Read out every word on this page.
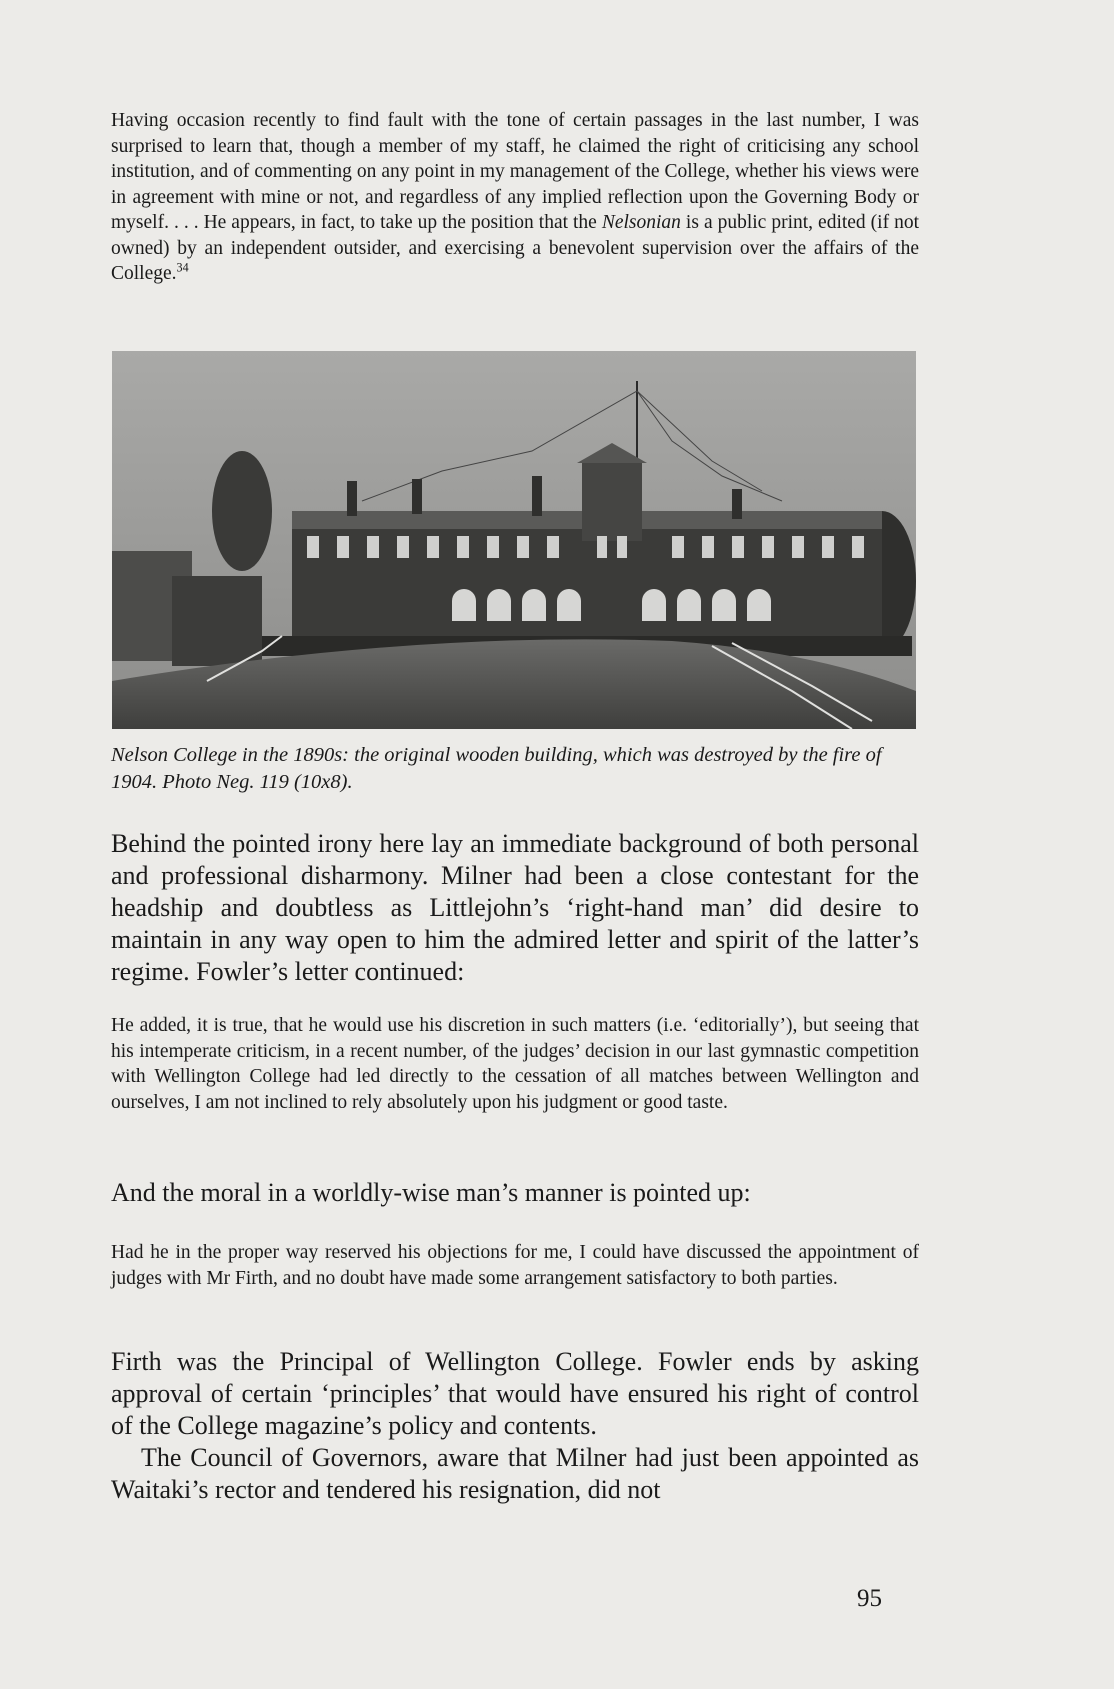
Having occasion recently to find fault with the tone of certain passages in the last number, I was surprised to learn that, though a member of my staff, he claimed the right of criticising any school institution, and of commenting on any point in my management of the College, whether his views were in agreement with mine or not, and regardless of any implied reflection upon the Governing Body or myself. . . . He appears, in fact, to take up the position that the Nelsonian is a public print, edited (if not owned) by an independent outsider, and exercising a benevolent supervision over the affairs of the College.$^{34}$

Nelson College in the 1890s: the original wooden building, which was destroyed by the fire of 1904. Photo Neg. 119 (10x8).

Behind the pointed irony here lay an immediate background of both personal and professional disharmony. Milner had been a close contestant for the headship and doubtless as Littlejohn’s ‘right-hand man’ did desire to maintain in any way open to him the admired letter and spirit of the latter’s regime. Fowler’s letter continued:

He added, it is true, that he would use his discretion in such matters (i.e. ‘editorially’), but seeing that his intemperate criticism, in a recent number, of the judges’ decision in our last gymnastic competition with Wellington College had led directly to the cessation of all matches between Wellington and ourselves, I am not inclined to rely absolutely upon his judgment or good taste.

And the moral in a worldly-wise man’s manner is pointed up:

Had he in the proper way reserved his objections for me, I could have discussed the appointment of judges with Mr Firth, and no doubt have made some arrangement satisfactory to both parties.

Firth was the Principal of Wellington College. Fowler ends by asking approval of certain ‘principles’ that would have ensured his right of control of the College magazine’s policy and contents.

The Council of Governors, aware that Milner had just been appointed as Waitaki’s rector and tendered his resignation, did not

95
